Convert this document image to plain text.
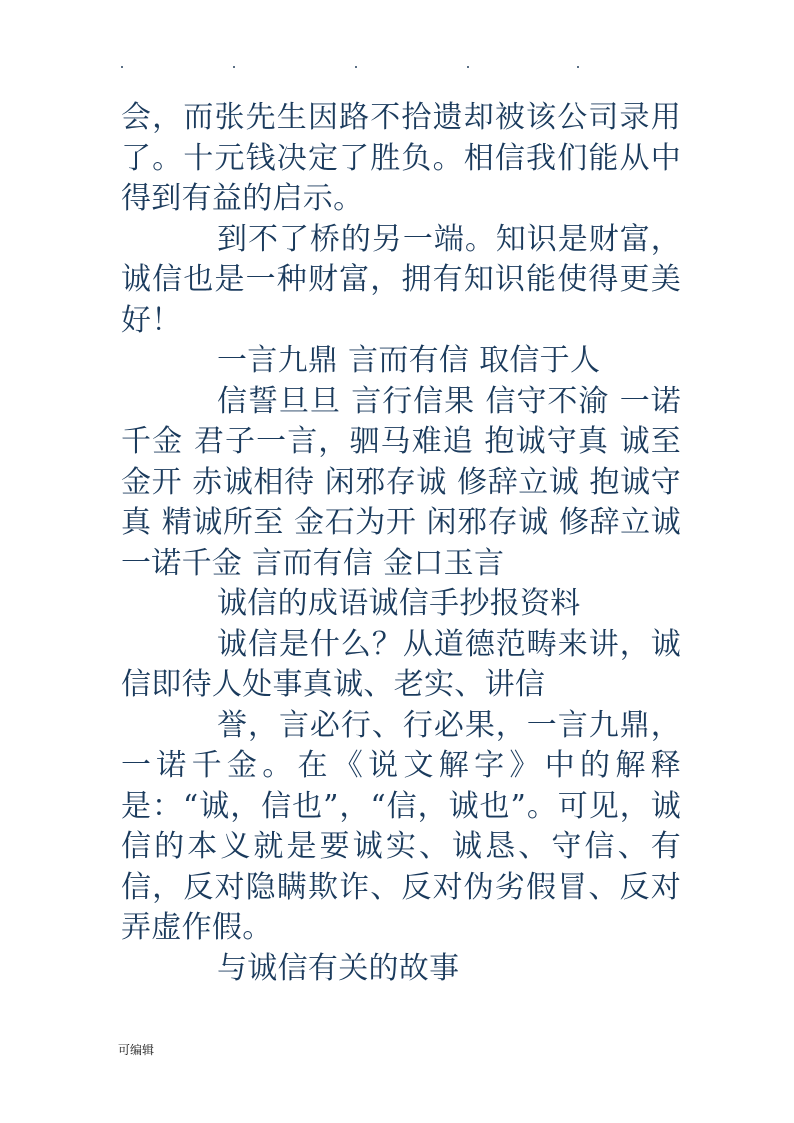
会，而张先生因路不拾遗却被该公司录用了。十元钱决定了胜负。相信我们能从中得到有益的启示。

到不了桥的另一端。知识是财富，诚信也是一种财富，拥有知识能使得更美好！

一言九鼎 言而有信 取信于人

信誓旦旦 言行信果 信守不渝 一诺千金 君子一言，驷马难追 抱诚守真 诚至金开 赤诚相待 闲邪存诚 修辞立诚 抱诚守真 精诚所至 金石为开 闲邪存诚 修辞立诚 一诺千金 言而有信 金口玉言

诚信的成语诚信手抄报资料

诚信是什么？从道德范畴来讲，诚信即待人处事真诚、老实、讲信

誉，言必行、行必果，一言九鼎，一诺千金。在《说文解字》中的解释是：“诚，信也”，“信，诚也”。可见，诚信的本义就是要诚实、诚恳、守信、有信，反对隐瞒欺诈、反对伪劣假冒、反对弄虚作假。

与诚信有关的故事

可编辑
